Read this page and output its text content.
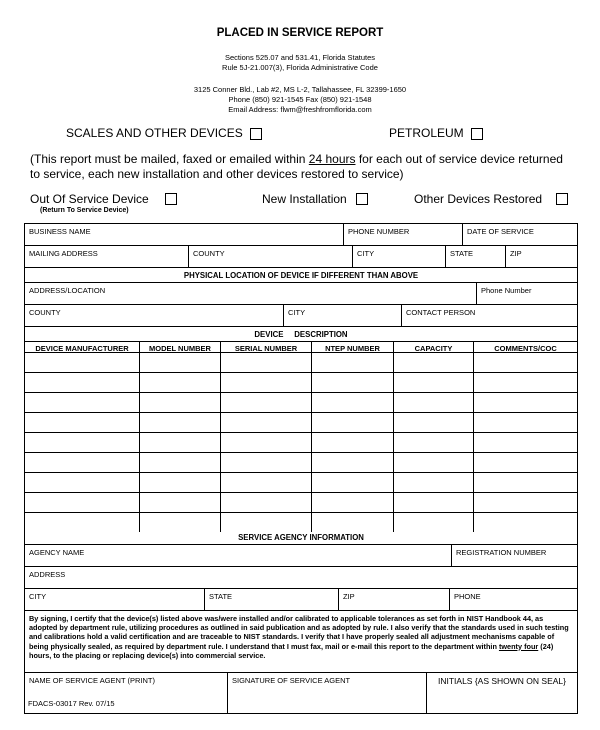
PLACED IN SERVICE REPORT
Sections 525.07 and 531.41, Florida Statutes
Rule 5J-21.007(3), Florida Administrative Code
3125 Conner Bld., Lab #2, MS L-2, Tallahassee, FL 32399-1650
Phone (850) 921-1545 Fax (850) 921-1548
Email Address: flwm@freshfromflorida.com
SCALES AND OTHER DEVICES	PETROLEUM
(This report must be mailed, faxed or emailed within 24 hours for each out of service device returned to service, each new installation and other devices restored to service)
Out Of Service Device
(Return To Service Device)
New Installation	Other Devices Restored
BUSINESS NAME	PHONE NUMBER	DATE OF SERVICE
MAILING ADDRESS	COUNTY	CITY	STATE	ZIP
PHYSICAL LOCATION OF DEVICE IF DIFFERENT THAN ABOVE
ADDRESS/LOCATION	Phone Number
COUNTY	CITY	CONTACT PERSON
DEVICE     DESCRIPTION
DEVICE MANUFACTURER	MODEL NUMBER	SERIAL NUMBER	NTEP NUMBER	CAPACITY	COMMENTS/COC
SERVICE AGENCY INFORMATION
AGENCY NAME	REGISTRATION NUMBER
ADDRESS
CITY	STATE	ZIP	PHONE
By signing, I certify that the device(s) listed above was/were installed and/or calibrated to applicable tolerances as set forth in NIST Handbook 44, as adopted by department rule, utilizing procedures as outlined in said publication and as adopted by rule. I also verify that the standards used in such testing and calibrations hold a valid certification and are traceable to NIST standards. I verify that I have properly sealed all adjustment mechanisms capable of being physically sealed, as required by department rule. I understand that I must fax, mail or e-mail this report to the department within twenty four (24) hours, to the placing or replacing device(s) into commercial service.
NAME OF SERVICE AGENT (PRINT)	SIGNATURE OF SERVICE AGENT	INITIALS {AS SHOWN ON SEAL}
FDACS-03017 Rev. 07/15
